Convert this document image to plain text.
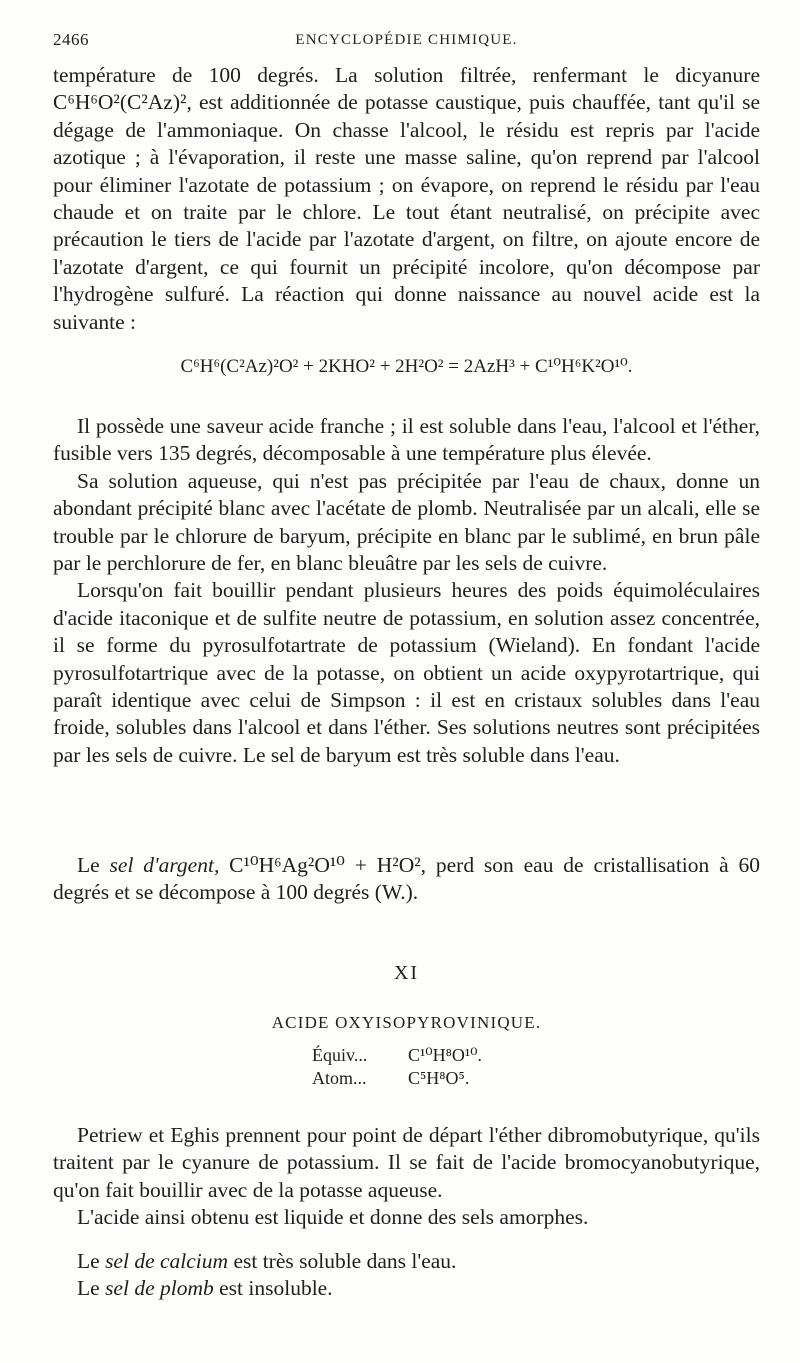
2466	ENCYCLOPÉDIE CHIMIQUE.

température de 100 degrés. La solution filtrée, renfermant le dicyanure C⁶H⁶O²(C²Az)², est additionnée de potasse caustique, puis chauffée, tant qu'il se dégage de l'ammoniaque. On chasse l'alcool, le résidu est repris par l'acide azotique ; à l'évaporation, il reste une masse saline, qu'on reprend par l'alcool pour éliminer l'azotate de potassium ; on évapore, on reprend le résidu par l'eau chaude et on traite par le chlore. Le tout étant neutralisé, on précipite avec précaution le tiers de l'acide par l'azotate d'argent, on filtre, on ajoute encore de l'azotate d'argent, ce qui fournit un précipité incolore, qu'on décompose par l'hydrogène sulfuré. La réaction qui donne naissance au nouvel acide est la suivante :

C⁶H⁶(C²Az)²O² + 2KHO² + 2H²O² = 2AzH³ + C¹⁰H⁶K²O¹⁰.

Il possède une saveur acide franche ; il est soluble dans l'eau, l'alcool et l'éther, fusible vers 135 degrés, décomposable à une température plus élevée.

Sa solution aqueuse, qui n'est pas précipitée par l'eau de chaux, donne un abondant précipité blanc avec l'acétate de plomb. Neutralisée par un alcali, elle se trouble par le chlorure de baryum, précipite en blanc par le sublimé, en brun pâle par le perchlorure de fer, en blanc bleuâtre par les sels de cuivre.

Lorsqu'on fait bouillir pendant plusieurs heures des poids équimoléculaires d'acide itaconique et de sulfite neutre de potassium, en solution assez concentrée, il se forme du pyrosulfotartrate de potassium (Wieland). En fondant l'acide pyrosulfotartrique avec de la potasse, on obtient un acide oxypyrotartrique, qui paraît identique avec celui de Simpson : il est en cristaux solubles dans l'eau froide, solubles dans l'alcool et dans l'éther. Ses solutions neutres sont précipitées par les sels de cuivre. Le sel de baryum est très soluble dans l'eau.

Le sel d'argent, C¹⁰H⁶Ag²O¹⁰ + H²O², perd son eau de cristallisation à 60 degrés et se décompose à 100 degrés (W.).

XI
ACIDE OXYISOPYROVINIQUE.
Équiv... C¹⁰H⁸O¹⁰.
Atom... C⁵H⁸O⁵.

Petriew et Eghis prennent pour point de départ l'éther dibromobutyrique, qu'ils traitent par le cyanure de potassium. Il se fait de l'acide bromocyanobutyrique, qu'on fait bouillir avec de la potasse aqueuse.

L'acide ainsi obtenu est liquide et donne des sels amorphes.

Le sel de calcium est très soluble dans l'eau.

Le sel de plomb est insoluble.
